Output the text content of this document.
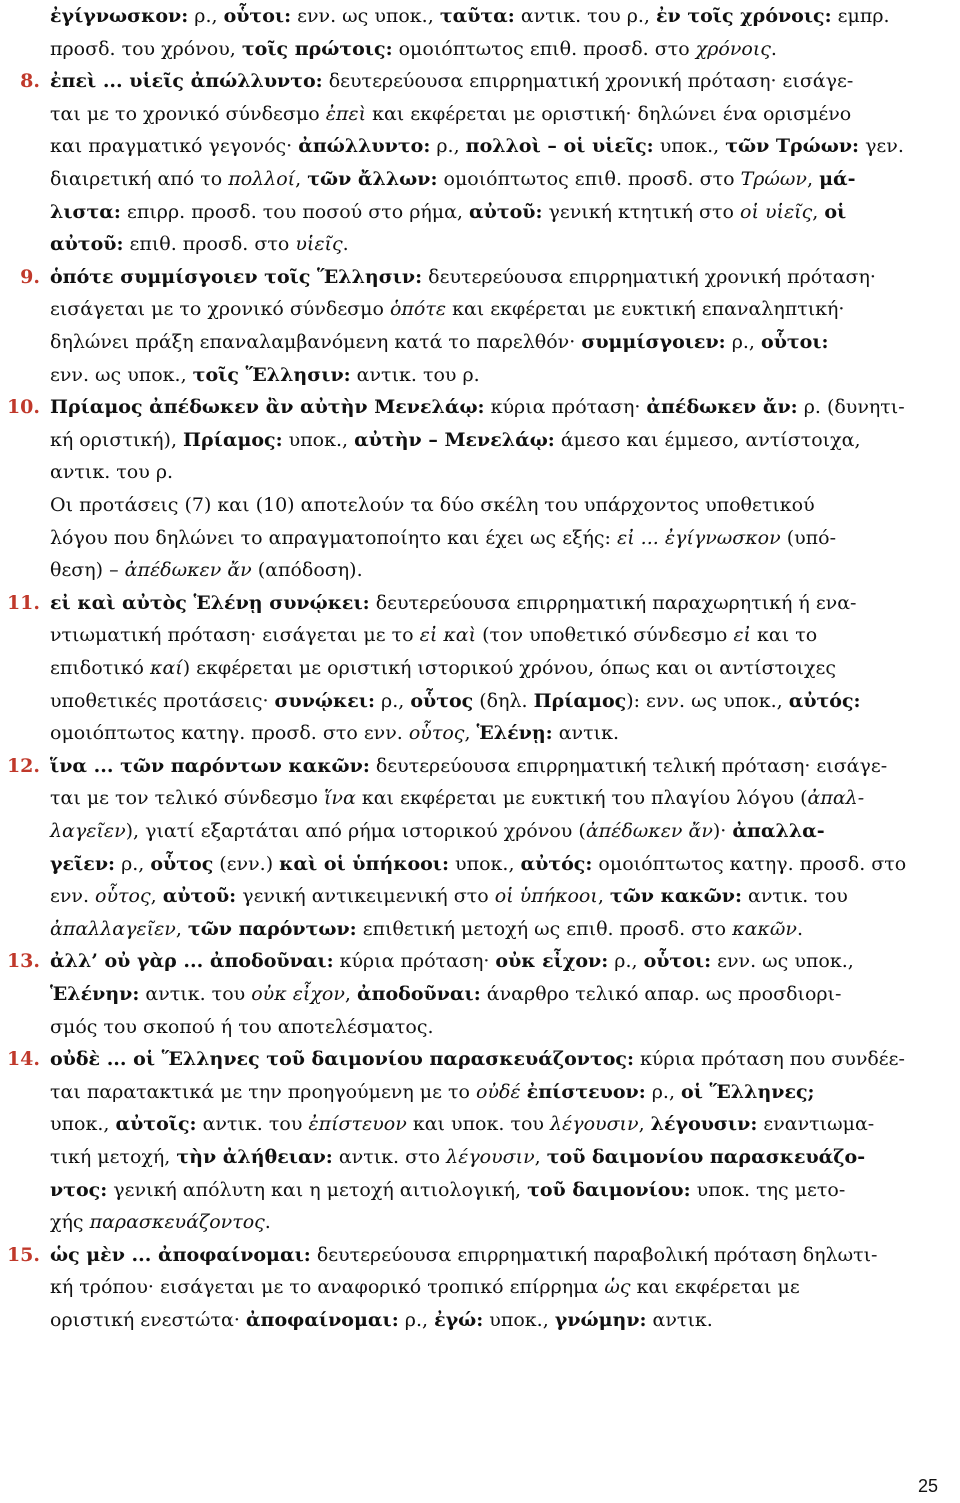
ἐγίγνωσκον: ρ., οὗτοι: ενν. ως υποκ., ταῦτα: αντικ. του ρ., ἐν τοῖς χρόνοις: εμπρ.
προσδ. του χρόνου, τοῖς πρώτοις: ομοιόπτωτος επιθ. προσδ. στο χρόνοις.
8. ἐπεὶ ... υἱεῖς ἀπώλλυντο: δευτερεύουσα επιρρηματική χρονική πρόταση· εισάγε-
ται με το χρονικό σύνδεσμο ἐπεὶ και εκφέρεται με οριστική· δηλώνει ένα ορισμένο
και πραγματικό γεγονός· ἀπώλλυντο: ρ., πολλοὶ – οἱ υἱεῖς: υποκ., τῶν Τρώων: γεν.
διαιρετική από το πολλοί, τῶν ἄλλων: ομοιόπτωτος επιθ. προσδ. στο Τρώων, μά-
λιστα: επιρρ. προσδ. του ποσού στο ρήμα, αὐτοῦ: γενική κτητική στο οἱ υἱεῖς, οἱ
αὐτοῦ: επιθ. προσδ. στο υἱεῖς.
9. ὁπότε συμμίσγοιεν τοῖς Ἕλλησιν: δευτερεύουσα επιρρηματική χρονική πρόταση·
εισάγεται με το χρονικό σύνδεσμο ὁπότε και εκφέρεται με ευκτική επαναληπτική·
δηλώνει πράξη επαναλαμβανόμενη κατά το παρελθόν· συμμίσγοιεν: ρ., οὗτοι:
ενν. ως υποκ., τοῖς Ἕλλησιν: αντικ. του ρ.
10. Πρίαμος ἀπέδωκεν ἂν αὐτὴν Μενελάῳ: κύρια πρόταση· ἀπέδωκεν ἄν: ρ. (δυνητι-
κή οριστική), Πρίαμος: υποκ., αὐτὴν – Μενελάῳ: άμεσο και έμμεσο, αντίστοιχα,
αντικ. του ρ.
Οι προτάσεις (7) και (10) αποτελούν τα δύο σκέλη του υπάρχοντος υποθετικού
λόγου που δηλώνει το απραγματοποίητο και έχει ως εξής: εἰ ... ἐγίγνωσκον (υπό-
θεση) – ἀπέδωκεν ἄν (απόδοση).
11. εἰ καὶ αὐτὸς Ἑλένῃ συνῴκει: δευτερεύουσα επιρρηματική παραχωρητική ή ενα-
ντιωματική πρόταση· εισάγεται με το εἰ καὶ (τον υποθετικό σύνδεσμο εἰ και το
επιδοτικό καί) εκφέρεται με οριστική ιστορικού χρόνου, όπως και οι αντίστοιχες
υποθετικές προτάσεις· συνῴκει: ρ., οὗτος (δηλ. Πρίαμος): ενν. ως υποκ., αὐτός:
ομοιόπτωτος κατηγ. προσδ. στο ενν. οὗτος, Ἑλένῃ: αντικ.
12. ἵνα ... τῶν παρόντων κακῶν: δευτερεύουσα επιρρηματική τελική πρόταση· εισάγε-
ται με τον τελικό σύνδεσμο ἵνα και εκφέρεται με ευκτική του πλαγίου λόγου (ἀπαλ-
λαγεῖεν), γιατί εξαρτάται από ρήμα ιστορικού χρόνου (ἀπέδωκεν ἄν)· ἀπαλλα-
γεῖεν: ρ., οὗτος (ενν.) καὶ οἱ ὑπήκοοι: υποκ., αὐτός: ομοιόπτωτος κατηγ. προσδ. στο
ενν. οὗτος, αὐτοῦ: γενική αντικειμενική στο οἱ ὑπήκοοι, τῶν κακῶν: αντικ. του
ἀπαλλαγεῖεν, τῶν παρόντων: επιθετική μετοχή ως επιθ. προσδ. στο κακῶν.
13. ἀλλ’ οὐ γὰρ ... ἀποδοῦναι: κύρια πρόταση· οὐκ εἶχον: ρ., οὗτοι: ενν. ως υποκ.,
Ἑλένην: αντικ. του οὐκ εἶχον, ἀποδοῦναι: άναρθρο τελικό απαρ. ως προσδιορι-
σμός του σκοπού ή του αποτελέσματος.
14. οὐδὲ ... οἱ Ἕλληνες τοῦ δαιμονίου παρασκευάζοντος: κύρια πρόταση που συνδέε-
ται παρατακτικά με την προηγούμενη με το οὐδέ ἐπίστευον: ρ., οἱ Ἕλληνες;
υποκ., αὐτοῖς: αντικ. του ἐπίστευον και υποκ. του λέγουσιν, λέγουσιν: εναντιωμα-
τική μετοχή, τὴν ἀλήθειαν: αντικ. στο λέγουσιν, τοῦ δαιμονίου παρασκευάζο-
ντος: γενική απόλυτη και η μετοχή αιτιολογική, τοῦ δαιμονίου: υποκ. της μετο-
χής παρασκευάζοντος.
15. ὡς μὲν ... ἀποφαίνομαι: δευτερεύουσα επιρρηματική παραβολική πρόταση δηλωτι-
κή τρόπου· εισάγεται με το αναφορικό τροπικό επίρρημα ὡς και εκφέρεται με
οριστική ενεστώτα· ἀποφαίνομαι: ρ., ἐγώ: υποκ., γνώμην: αντικ.
25
